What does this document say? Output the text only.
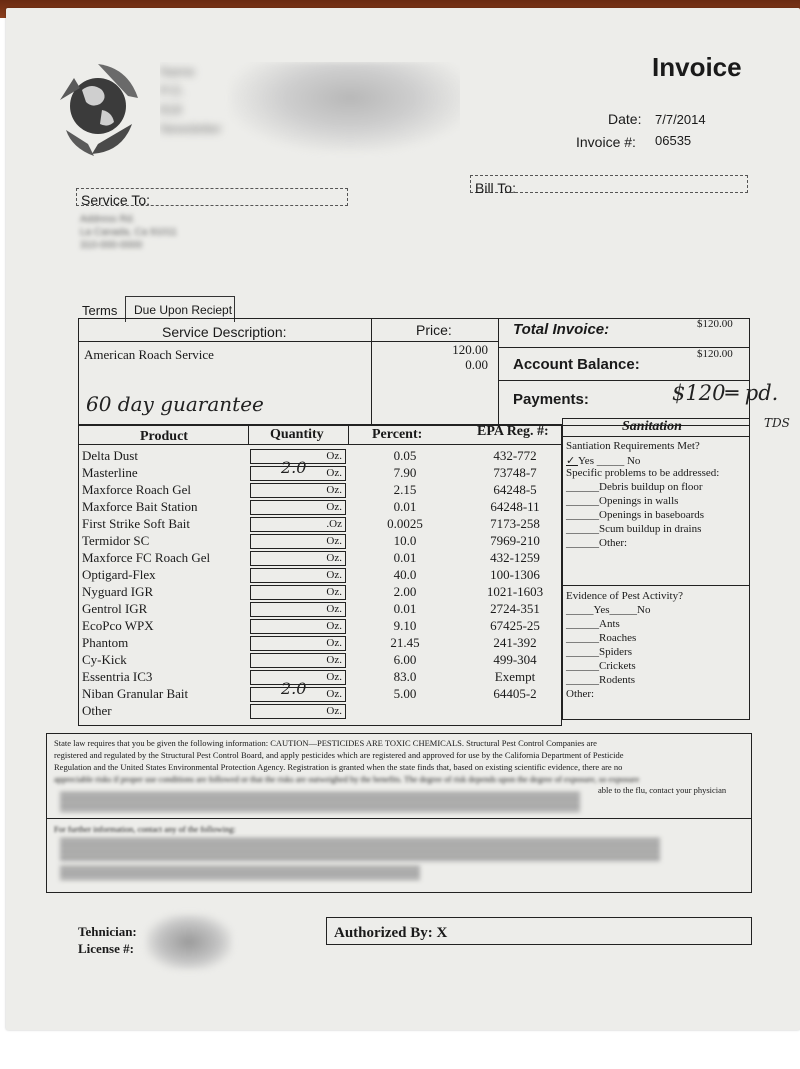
Name
P.O.
818
Newsletter
Invoice
Date: 7/7/2014
Invoice #: 06535
Service To:
Address Rd.
La Canada, Ca 91011
310-000-0000
Bill To:
Terms	Due Upon Reciept
Service Description:	Price:
American Roach Service
60 day guarantee
120.00
0.00
Total Invoice:	$120.00
Account Balance:
$120.00
Payments:	$120═ pd.
TDS
Product	Quantity	Percent:	EPA Reg. #:
Delta Dust	Oz.	0.05	432-772
Masterline	2.0 Oz.	7.90	73748-7
Maxforce Roach Gel	Oz.	2.15	64248-5
Maxforce Bait Station	Oz.	0.01	64248-11
First Strike Soft Bait	.Oz	0.0025	7173-258
Termidor SC	Oz.	10.0	7969-210
Maxforce FC Roach Gel	Oz.	0.01	432-1259
Optigard-Flex	Oz.	40.0	100-1306
Nyguard IGR	Oz.	2.00	1021-1603
Gentrol IGR	Oz.	0.01	2724-351
EcoPco WPX	Oz.	9.10	67425-25
Phantom	Oz.	21.45	241-392
Cy-Kick	Oz.	6.00	499-304
Essentria IC3	Oz.	83.0	Exempt
Niban Granular Bait	2.0 Oz.	5.00	64405-2
Other	Oz.
Sanitation
Santiation Requirements Met?
✓ Yes _____ No
Specific problems to be addressed:
______Debris buildup on floor
______Openings in walls
______Openings in baseboards
______Scum buildup in drains
______Other:
Evidence of Pest Activity?
_____Yes_____No
______Ants
______Roaches
______Spiders
______Crickets
______Rodents
Other:
State law requires that you be given the following information: CAUTION—PESTICIDES ARE TOXIC CHEMICALS. Structural Pest Control Companies are
registered and regulated by the Structural Pest Control Board, and apply pesticides which are registered and approved for use by the California Department of Pesticide
Regulation and the United States Environmental Protection Agency. Registration is granted when the state finds that, based on existing scientific evidence, there are no
appreciable risks if proper use conditions are followed or that the risks are outweighed by the benefits. The degree of risk depends upon the degree of exposure, so exposure
able to the flu, contact your physician
For further information, contact any of the following:
Tehnician:
License #:
Authorized By: X
